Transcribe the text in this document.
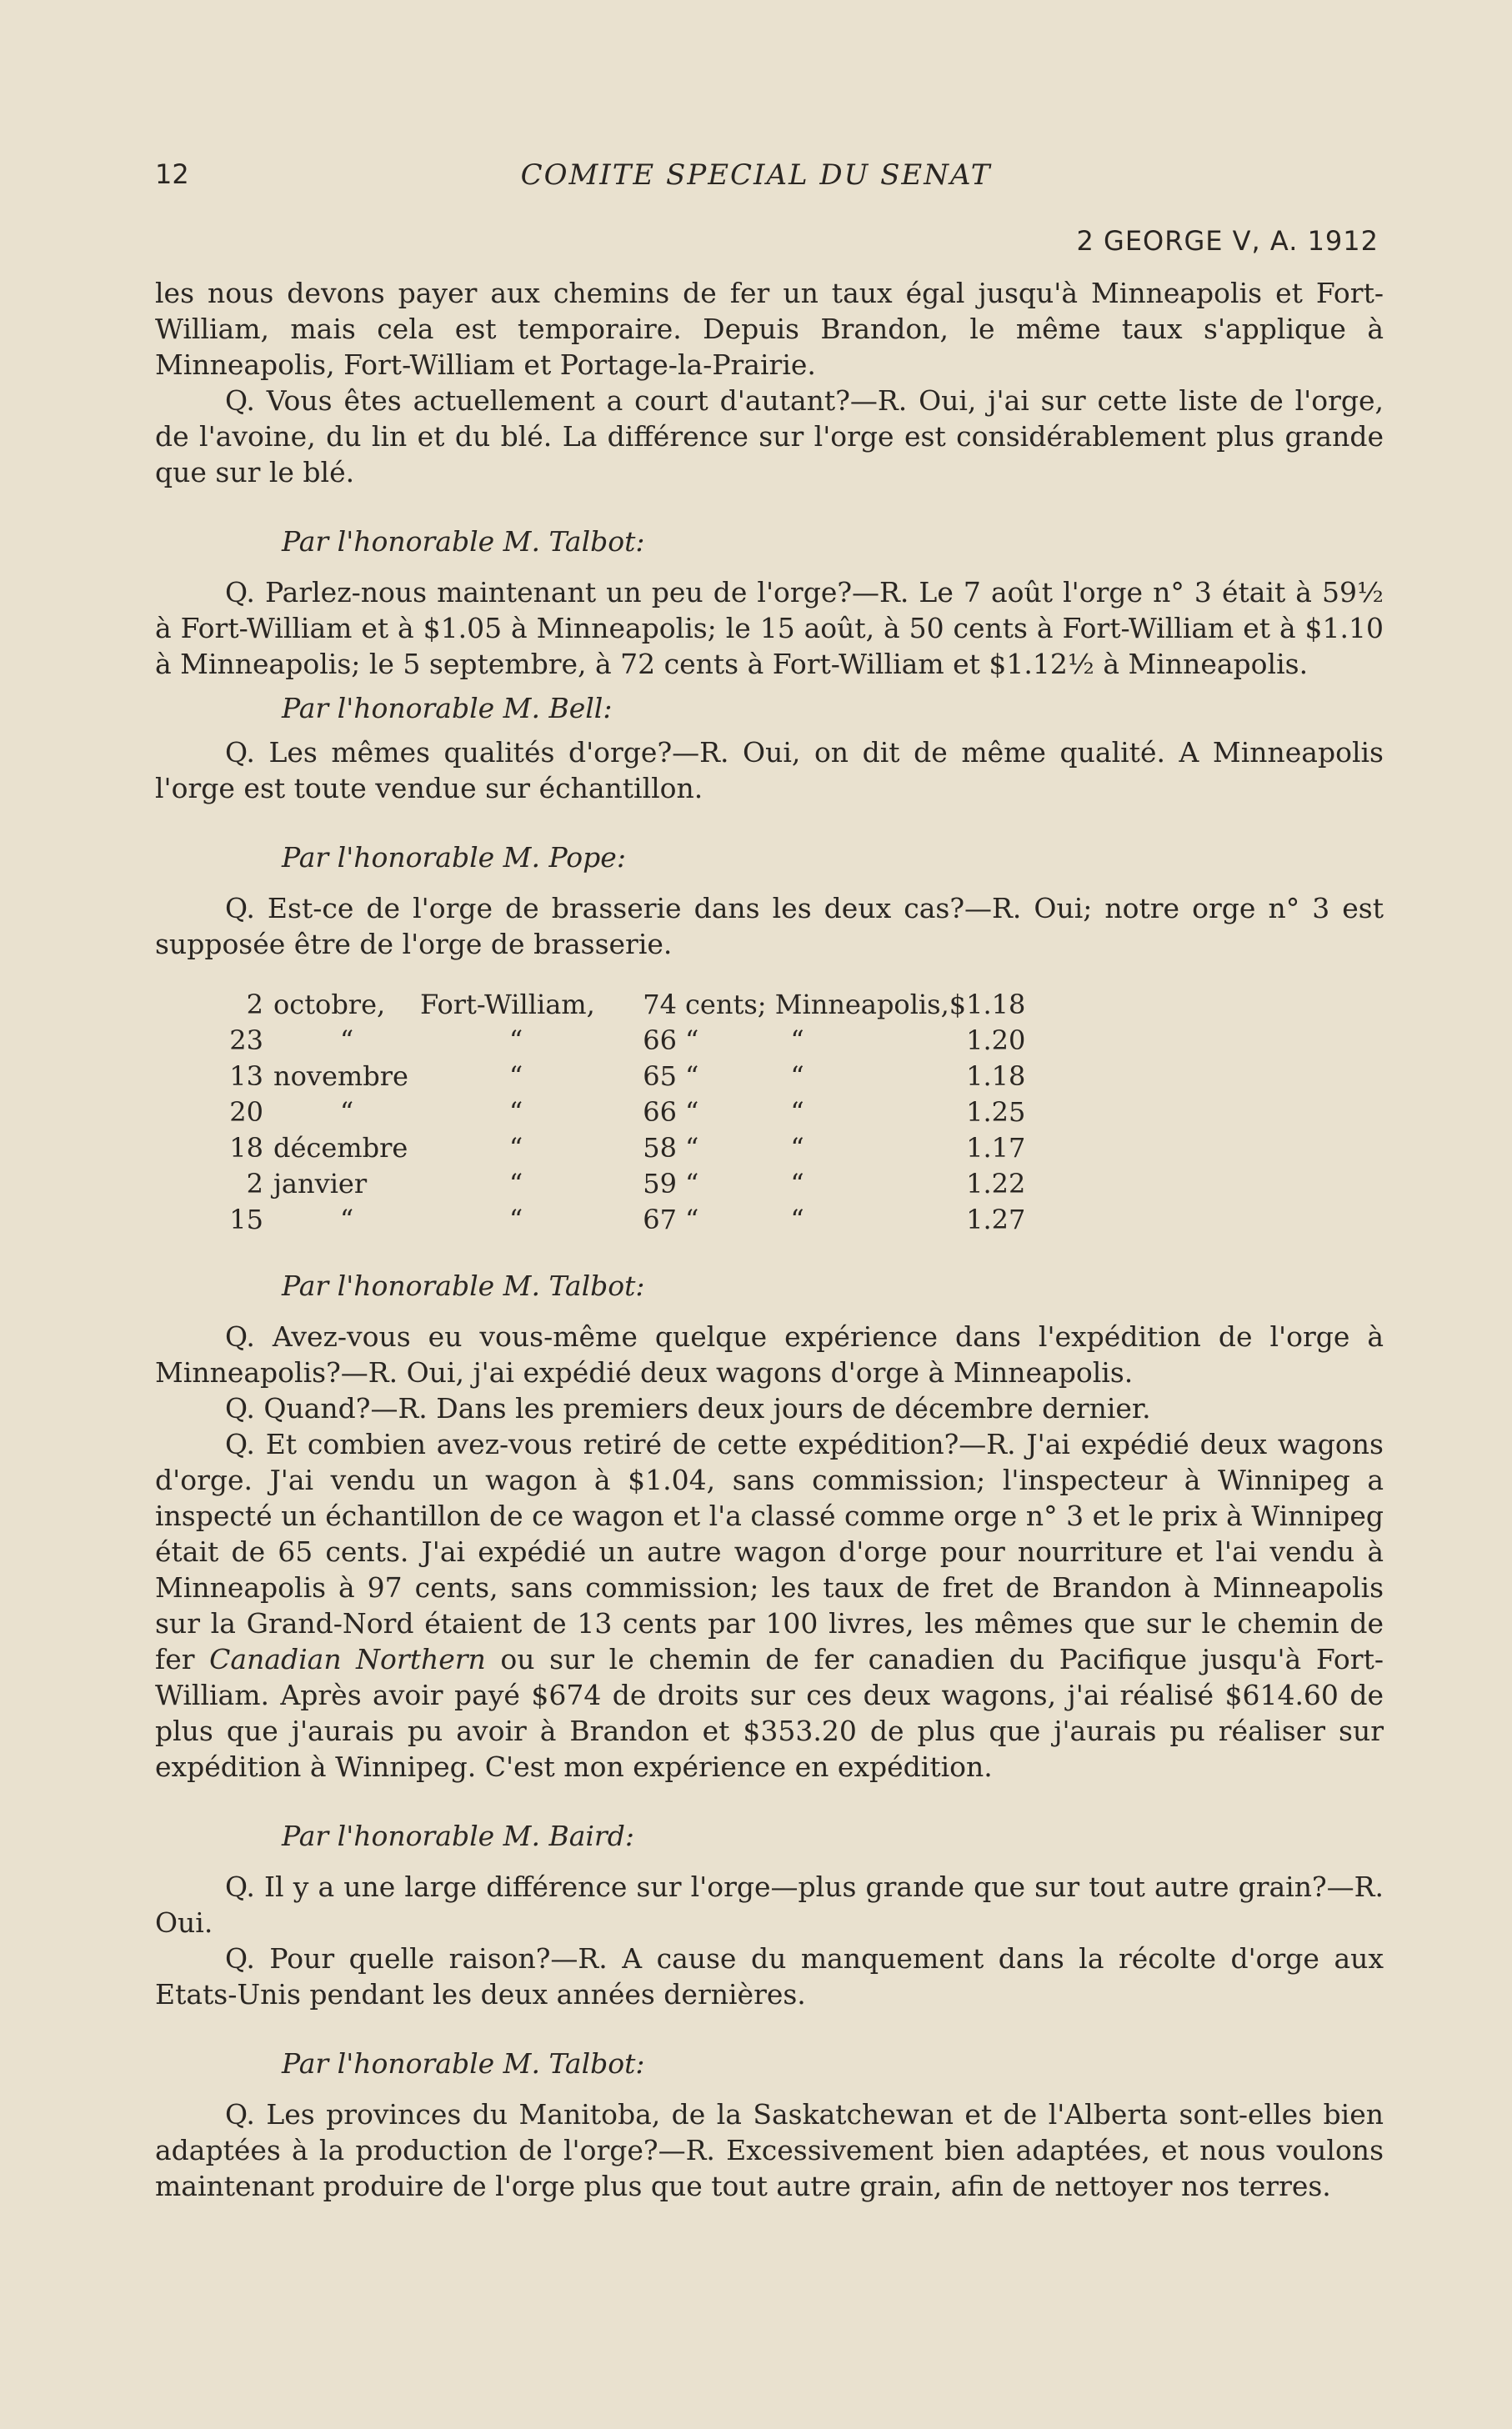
12	COMITE SPECIAL DU SENAT
2 GEORGE V, A. 1912

les nous devons payer aux chemins de fer un taux égal jusqu'à Minneapolis et Fort-William, mais cela est temporaire. Depuis Brandon, le même taux s'applique à Minneapolis, Fort-William et Portage-la-Prairie.

Q. Vous êtes actuellement a court d'autant?—R. Oui, j'ai sur cette liste de l'orge, de l'avoine, du lin et du blé. La différence sur l'orge est considérablement plus grande que sur le blé.

Par l'honorable M. Talbot:

Q. Parlez-nous maintenant un peu de l'orge?—R. Le 7 août l'orge n° 3 était à 59½ à Fort-William et à $1.05 à Minneapolis; le 15 août, à 50 cents à Fort-William et à $1.10 à Minneapolis; le 5 septembre, à 72 cents à Fort-William et $1.12½ à Minneapolis.

Par l'honorable M. Bell:

Q. Les mêmes qualités d'orge?—R. Oui, on dit de même qualité. A Minneapolis l'orge est toute vendue sur échantillon.

Par l'honorable M. Pope:

Q. Est-ce de l'orge de brasserie dans les deux cas?—R. Oui; notre orge n° 3 est supposée être de l'orge de brasserie.

2	octobre,	Fort-William,	74	cents; Minneapolis,	$1.18
23	“	“	66	“ “	1.20
13	novembre	“	65	“ “	1.18
20	“	“	66	“ “	1.25
18	décembre	“	58	“ “	1.17
2	janvier	“	59	“ “	1.22
15	“	“	67	“ “	1.27

Par l'honorable M. Talbot:

Q. Avez-vous eu vous-même quelque expérience dans l'expédition de l'orge à Minneapolis?—R. Oui, j'ai expédié deux wagons d'orge à Minneapolis.

Q. Quand?—R. Dans les premiers deux jours de décembre dernier.

Q. Et combien avez-vous retiré de cette expédition?—R. J'ai expédié deux wagons d'orge. J'ai vendu un wagon à $1.04, sans commission; l'inspecteur à Winnipeg a inspecté un échantillon de ce wagon et l'a classé comme orge n° 3 et le prix à Winnipeg était de 65 cents. J'ai expédié un autre wagon d'orge pour nourriture et l'ai vendu à Minneapolis à 97 cents, sans commission; les taux de fret de Brandon à Minneapolis sur la Grand-Nord étaient de 13 cents par 100 livres, les mêmes que sur le chemin de fer Canadian Northern ou sur le chemin de fer canadien du Pacifique jusqu'à Fort-William. Après avoir payé $674 de droits sur ces deux wagons, j'ai réalisé $614.60 de plus que j'aurais pu avoir à Brandon et $353.20 de plus que j'aurais pu réaliser sur expédition à Winnipeg. C'est mon expérience en expédition.

Par l'honorable M. Baird:

Q. Il y a une large différence sur l'orge—plus grande que sur tout autre grain?—R. Oui.

Q. Pour quelle raison?—R. A cause du manquement dans la récolte d'orge aux Etats-Unis pendant les deux années dernières.

Par l'honorable M. Talbot:

Q. Les provinces du Manitoba, de la Saskatchewan et de l'Alberta sont-elles bien adaptées à la production de l'orge?—R. Excessivement bien adaptées, et nous voulons maintenant produire de l'orge plus que tout autre grain, afin de nettoyer nos terres.
